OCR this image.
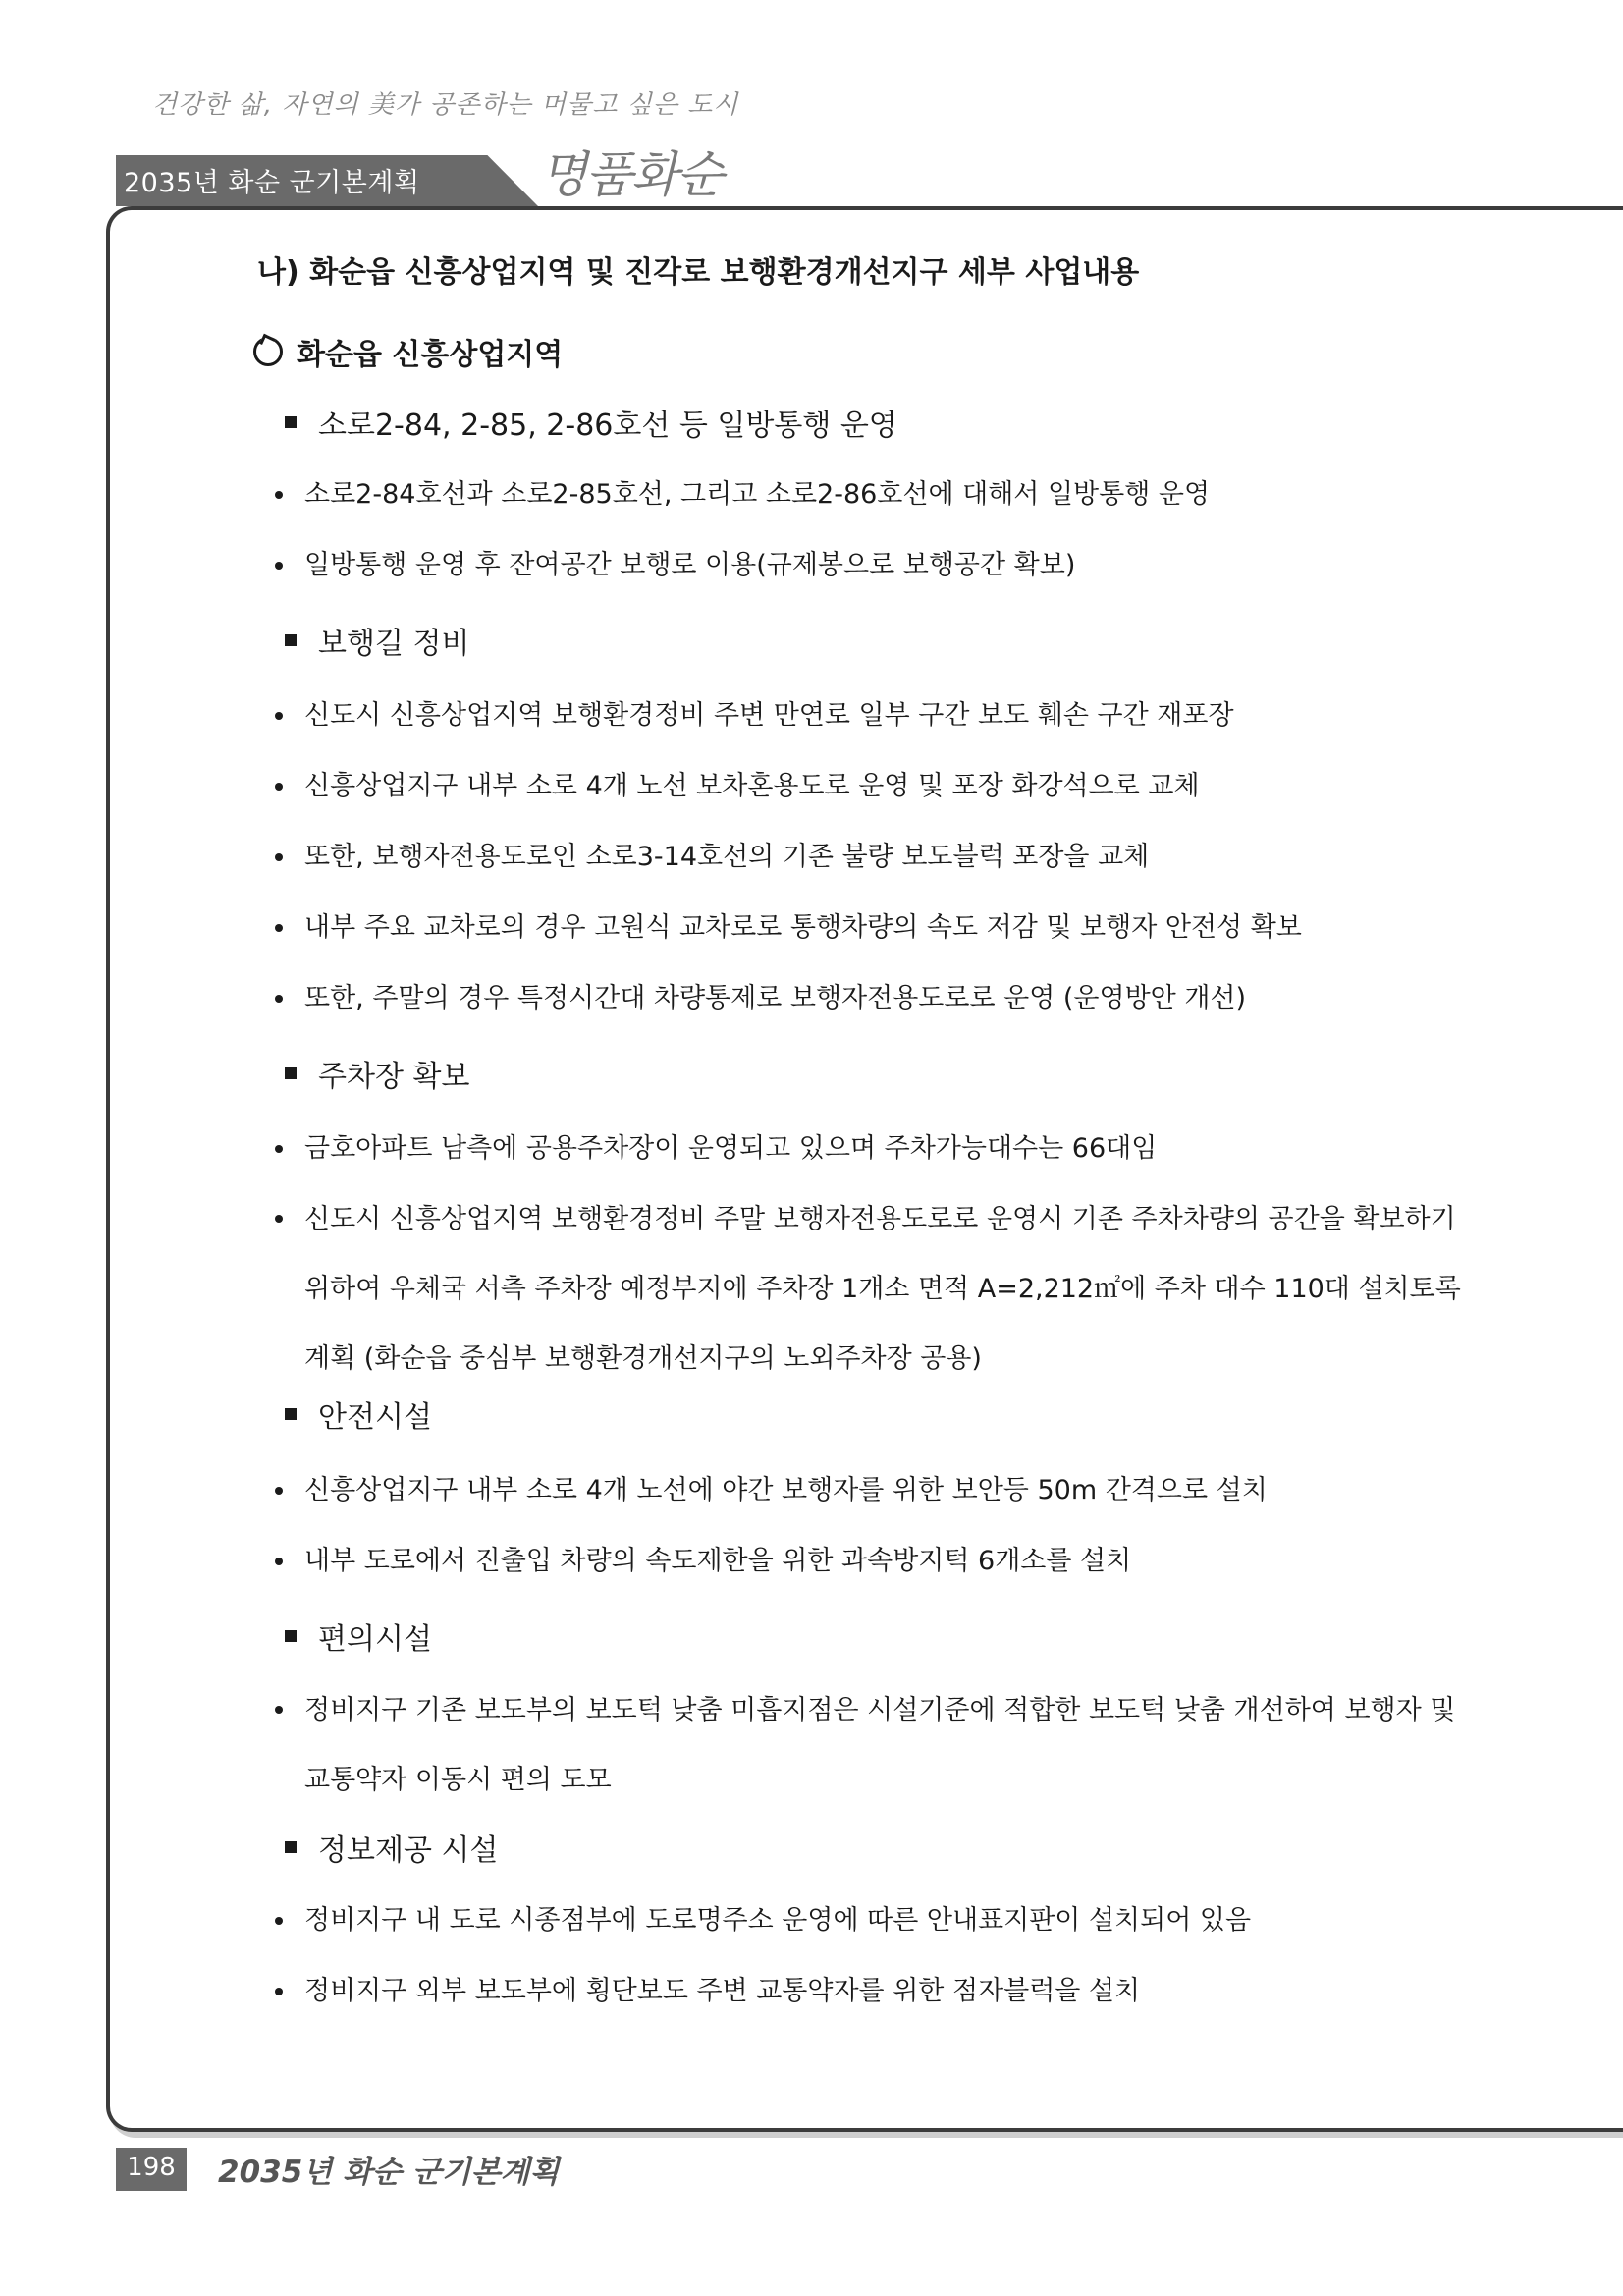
건강한 삶, 자연의 美가 공존하는 머물고 싶은 도시
2035년 화순 군기본계획 명품화순
나) 화순읍 신흥상업지역 및 진각로 보행환경개선지구 세부 사업내용
화순읍 신흥상업지역
소로2-84, 2-85, 2-86호선 등 일방통행 운영
소로2-84호선과 소로2-85호선, 그리고 소로2-86호선에 대해서 일방통행 운영
일방통행 운영 후 잔여공간 보행로 이용(규제봉으로 보행공간 확보)
보행길 정비
신도시 신흥상업지역 보행환경정비 주변 만연로 일부 구간 보도 훼손 구간 재포장
신흥상업지구 내부 소로 4개 노선 보차혼용도로 운영 및 포장 화강석으로 교체
또한, 보행자전용도로인 소로3-14호선의 기존 불량 보도블럭 포장을 교체
내부 주요 교차로의 경우 고원식 교차로로 통행차량의 속도 저감 및 보행자 안전성 확보
또한, 주말의 경우 특정시간대 차량통제로 보행자전용도로로 운영 (운영방안 개선)
주차장 확보
금호아파트 남측에 공용주차장이 운영되고 있으며 주차가능대수는 66대임
신도시 신흥상업지역 보행환경정비 주말 보행자전용도로로 운영시 기존 주차차량의 공간을 확보하기 위하여 우체국 서측 주차장 예정부지에 주차장 1개소 면적 A=2,212㎡에 주차 대수 110대 설치토록 계획 (화순읍 중심부 보행환경개선지구의 노외주차장 공용)
안전시설
신흥상업지구 내부 소로 4개 노선에 야간 보행자를 위한 보안등 50m 간격으로 설치
내부 도로에서 진출입 차량의 속도제한을 위한 과속방지턱 6개소를 설치
편의시설
정비지구 기존 보도부의 보도턱 낮춤 미흡지점은 시설기준에 적합한 보도턱 낮춤 개선하여 보행자 및 교통약자 이동시 편의 도모
정보제공 시설
정비지구 내 도로 시종점부에 도로명주소 운영에 따른 안내표지판이 설치되어 있음
정비지구 외부 보도부에 횡단보도 주변 교통약자를 위한 점자블럭을 설치
198	2035년 화순 군기본계획
